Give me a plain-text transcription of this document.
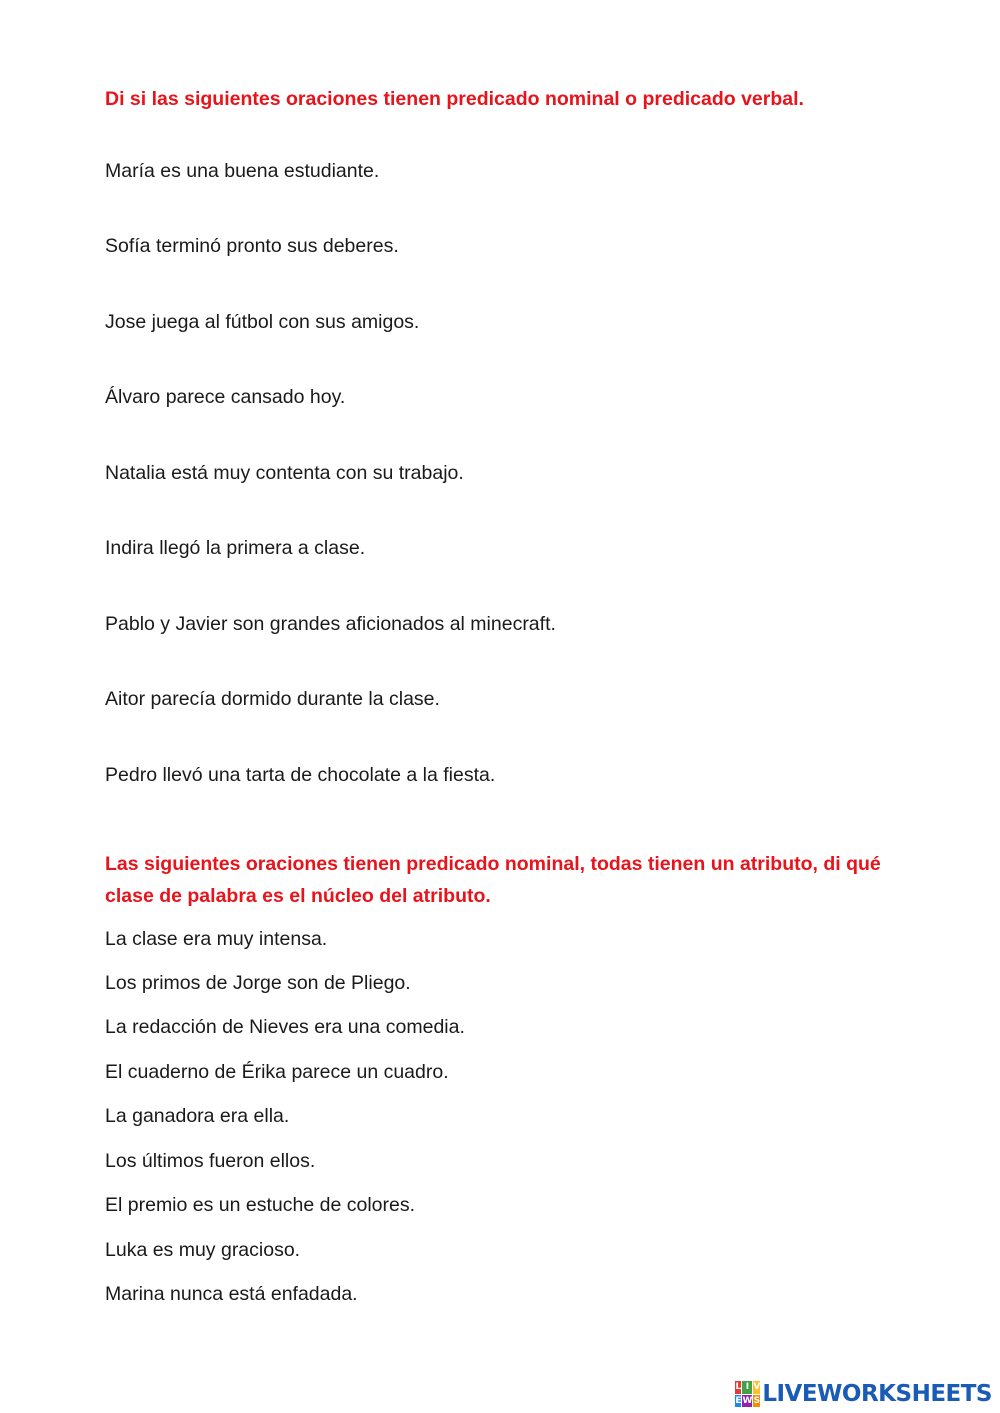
Di si las siguientes oraciones tienen predicado nominal o predicado verbal.

María es una buena estudiante.

Sofía terminó pronto sus deberes.

Jose juega al fútbol con sus amigos.

Álvaro parece cansado hoy.

Natalia está muy contenta con su trabajo.

Indira llegó la primera a clase.

Pablo y Javier son grandes aficionados al minecraft.

Aitor parecía dormido durante la clase.

Pedro llevó una tarta de chocolate a la fiesta.

Las siguientes oraciones tienen predicado nominal, todas tienen un atributo, di qué clase de palabra es el núcleo del atributo.

La clase era muy intensa.

Los primos de Jorge son de Pliego.

La redacción de Nieves era una comedia.

El cuaderno de Érika parece un cuadro.

La ganadora era ella.

Los últimos fueron ellos.

El premio es un estuche de colores.

Luka es muy gracioso.

Marina nunca está enfadada.

L I V
E W S LIVEWORKSHEETS
